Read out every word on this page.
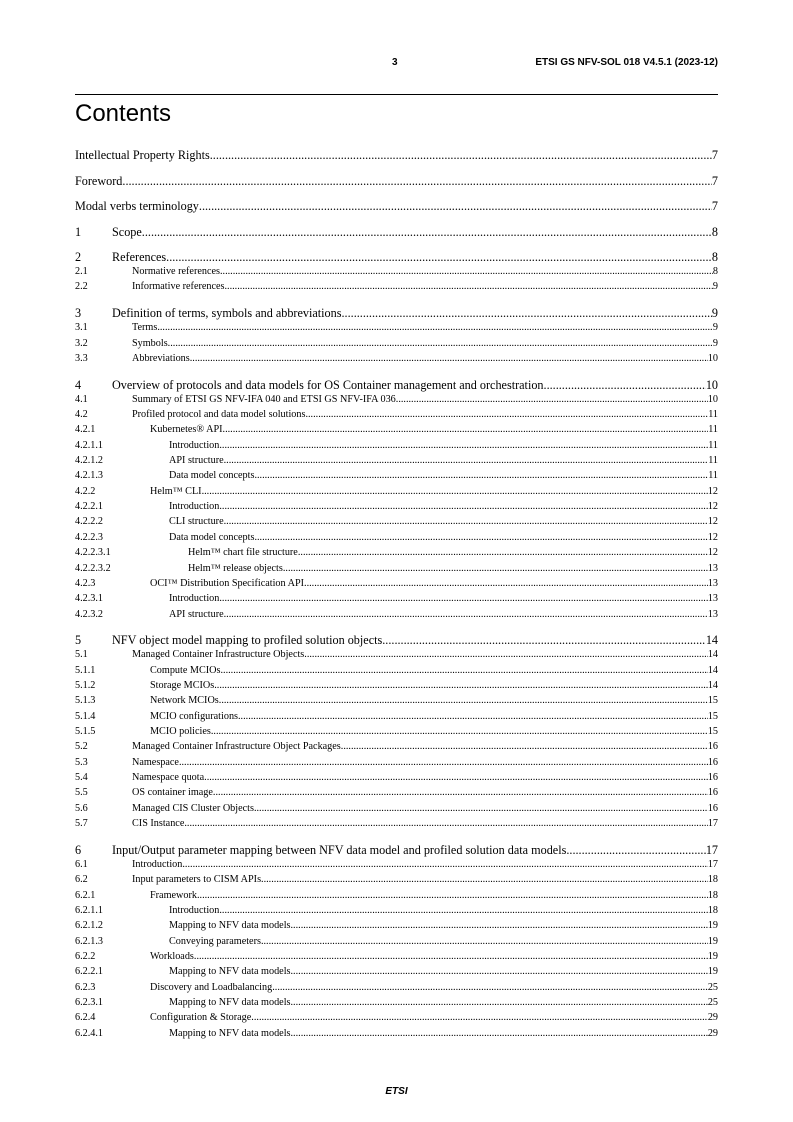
3	ETSI GS NFV-SOL 018 V4.5.1 (2023-12)
Contents
Intellectual Property Rights .....	7
Foreword .....	7
Modal verbs terminology .....	7
1	Scope .....	8
2	References .....	8
2.1	Normative references .....	8
2.2	Informative references .....	9
3	Definition of terms, symbols and abbreviations .....	9
3.1	Terms .....	9
3.2	Symbols .....	9
3.3	Abbreviations .....	10
4	Overview of protocols and data models for OS Container management and orchestration .....	10
4.1	Summary of ETSI GS NFV-IFA 040 and ETSI GS NFV-IFA 036 .....	10
4.2	Profiled protocol and data model solutions .....	11
4.2.1	Kubernetes® API .....	11
4.2.1.1	Introduction .....	11
4.2.1.2	API structure .....	11
4.2.1.3	Data model concepts .....	11
4.2.2	Helm™ CLI .....	12
4.2.2.1	Introduction .....	12
4.2.2.2	CLI structure .....	12
4.2.2.3	Data model concepts .....	12
4.2.2.3.1	Helm™ chart file structure .....	12
4.2.2.3.2	Helm™ release objects .....	13
4.2.3	OCI™ Distribution Specification API .....	13
4.2.3.1	Introduction .....	13
4.2.3.2	API structure .....	13
5	NFV object model mapping to profiled solution objects .....	14
5.1	Managed Container Infrastructure Objects .....	14
5.1.1	Compute MCIOs .....	14
5.1.2	Storage MCIOs .....	14
5.1.3	Network MCIOs .....	15
5.1.4	MCIO configurations .....	15
5.1.5	MCIO policies .....	15
5.2	Managed Container Infrastructure Object Packages .....	16
5.3	Namespace .....	16
5.4	Namespace quota .....	16
5.5	OS container image .....	16
5.6	Managed CIS Cluster Objects .....	16
5.7	CIS Instance .....	17
6	Input/Output parameter mapping between NFV data model and profiled solution data models .....	17
6.1	Introduction .....	17
6.2	Input parameters to CISM APIs .....	18
6.2.1	Framework .....	18
6.2.1.1	Introduction .....	18
6.2.1.2	Mapping to NFV data models .....	19
6.2.1.3	Conveying parameters .....	19
6.2.2	Workloads .....	19
6.2.2.1	Mapping to NFV data models .....	19
6.2.3	Discovery and Loadbalancing .....	25
6.2.3.1	Mapping to NFV data models .....	25
6.2.4	Configuration & Storage .....	29
6.2.4.1	Mapping to NFV data models .....	29
ETSI
